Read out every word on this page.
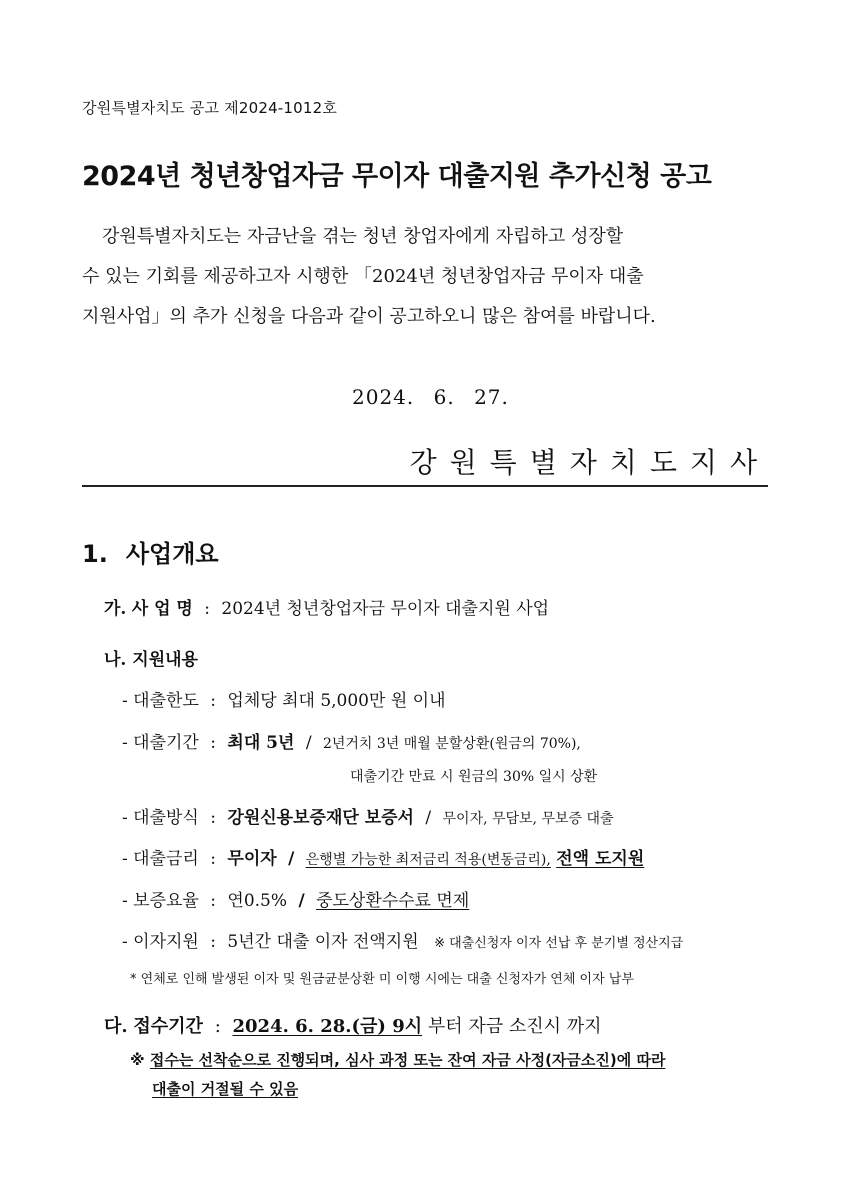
강원특별자치도 공고 제2024-1012호
2024년 청년창업자금 무이자 대출지원 추가신청 공고

강원특별자치도는 자금난을 겪는 청년 창업자에게 자립하고 성장할

수 있는 기회를 제공하고자 시행한 「2024년 청년창업자금 무이자 대출

지원사업」의 추가 신청을 다음과 같이 공고하오니 많은 참여를 바랍니다.

2024. 6. 27.
강원특별자치도지사
1. 사업개요
가. 사 업 명 : 2024년 청년창업자금 무이자 대출지원 사업
나. 지원내용
- 대출한도 : 업체당 최대 5,000만 원 이내
- 대출기간 : 최대 5년 / 2년거치 3년 매월 분할상환(원금의 70%),
대출기간 만료 시 원금의 30% 일시 상환
- 대출방식 : 강원신용보증재단 보증서 / 무이자, 무담보, 무보증 대출
- 대출금리 : 무이자 / 은행별 가능한 최저금리 적용(변동금리), 전액 도지원
- 보증요율 : 연0.5% / 중도상환수수료 면제
- 이자지원 : 5년간 대출 이자 전액지원 ※ 대출신청자 이자 선납 후 분기별 정산지급
* 연체로 인해 발생된 이자 및 원금균분상환 미 이행 시에는 대출 신청자가 연체 이자 납부
다. 접수기간 : 2024. 6. 28.(금) 9시 부터 자금 소진시 까지
※ 접수는 선착순으로 진행되며, 심사 과정 또는 잔여 자금 사정(자금소진)에 따라
대출이 거절될 수 있음
